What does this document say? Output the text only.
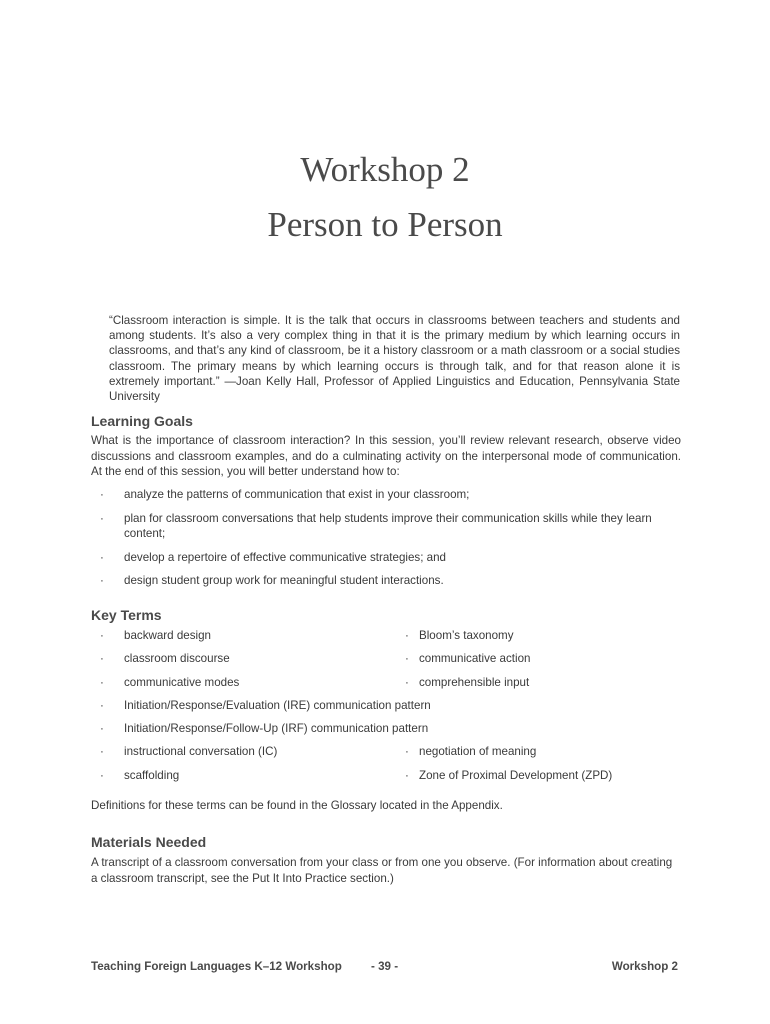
Workshop 2
Person to Person

“Classroom interaction is simple. It is the talk that occurs in classrooms between teachers and students and among students. It’s also a very complex thing in that it is the primary medium by which learning occurs in classrooms, and that’s any kind of classroom, be it a history classroom or a math classroom or a social studies classroom. The primary means by which learning occurs is through talk, and for that reason alone it is extremely important.” —Joan Kelly Hall, Professor of Applied Linguistics and Education, Pennsylvania State University

Learning Goals

What is the importance of classroom interaction? In this session, you’ll review relevant research, observe video discussions and classroom examples, and do a culminating activity on the interpersonal mode of communication. At the end of this session, you will better understand how to:

· analyze the patterns of communication that exist in your classroom;
· plan for classroom conversations that help students improve their communication skills while they learn content;
· develop a repertoire of effective communicative strategies; and
· design student group work for meaningful student interactions.
Key Terms
· backward design	· Bloom’s taxonomy
· classroom discourse	· communicative action
· communicative modes	· comprehensible input
· Initiation/Response/Evaluation (IRE) communication pattern
· Initiation/Response/Follow-Up (IRF) communication pattern
· instructional conversation (IC)	· negotiation of meaning
· scaffolding	· Zone of Proximal Development (ZPD)

Definitions for these terms can be found in the Glossary located in the Appendix.

Materials Needed

A transcript of a classroom conversation from your class or from one you observe. (For information about creating a classroom transcript, see the Put It Into Practice section.)

Teaching Foreign Languages K–12 Workshop	- 39 -	Workshop 2
